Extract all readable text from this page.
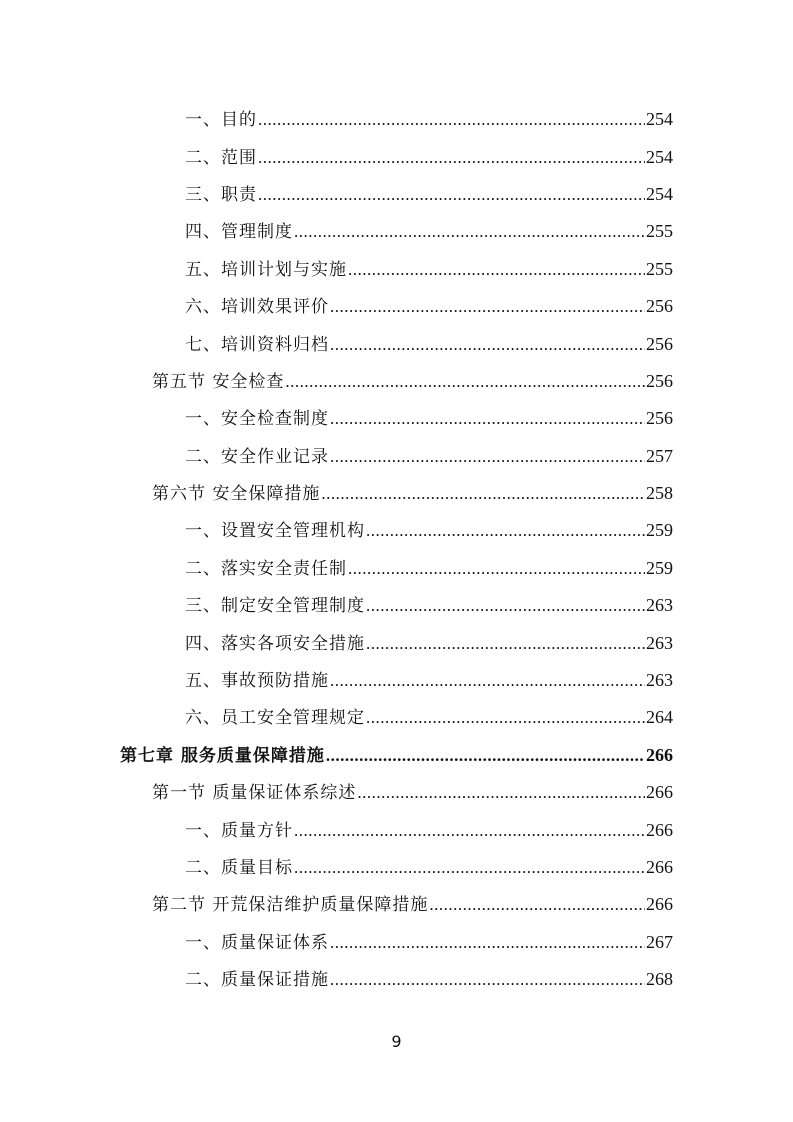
一、目的 .....	254
二、范围 .....	254
三、职责 .....	254
四、管理制度 .....	255
五、培训计划与实施 .....	255
六、培训效果评价 .....	256
七、培训资料归档 .....	256
第五节 安全检查 .....	256
一、安全检查制度 .....	256
二、安全作业记录 .....	257
第六节 安全保障措施 .....	258
一、设置安全管理机构 .....	259
二、落实安全责任制 .....	259
三、制定安全管理制度 .....	263
四、落实各项安全措施 .....	263
五、事故预防措施 .....	263
六、员工安全管理规定 .....	264
第七章 服务质量保障措施 .....	266
第一节 质量保证体系综述 .....	266
一、质量方针 .....	266
二、质量目标 .....	266
第二节 开荒保洁维护质量保障措施 .....	266
一、质量保证体系 .....	267
二、质量保证措施 .....	268
9
